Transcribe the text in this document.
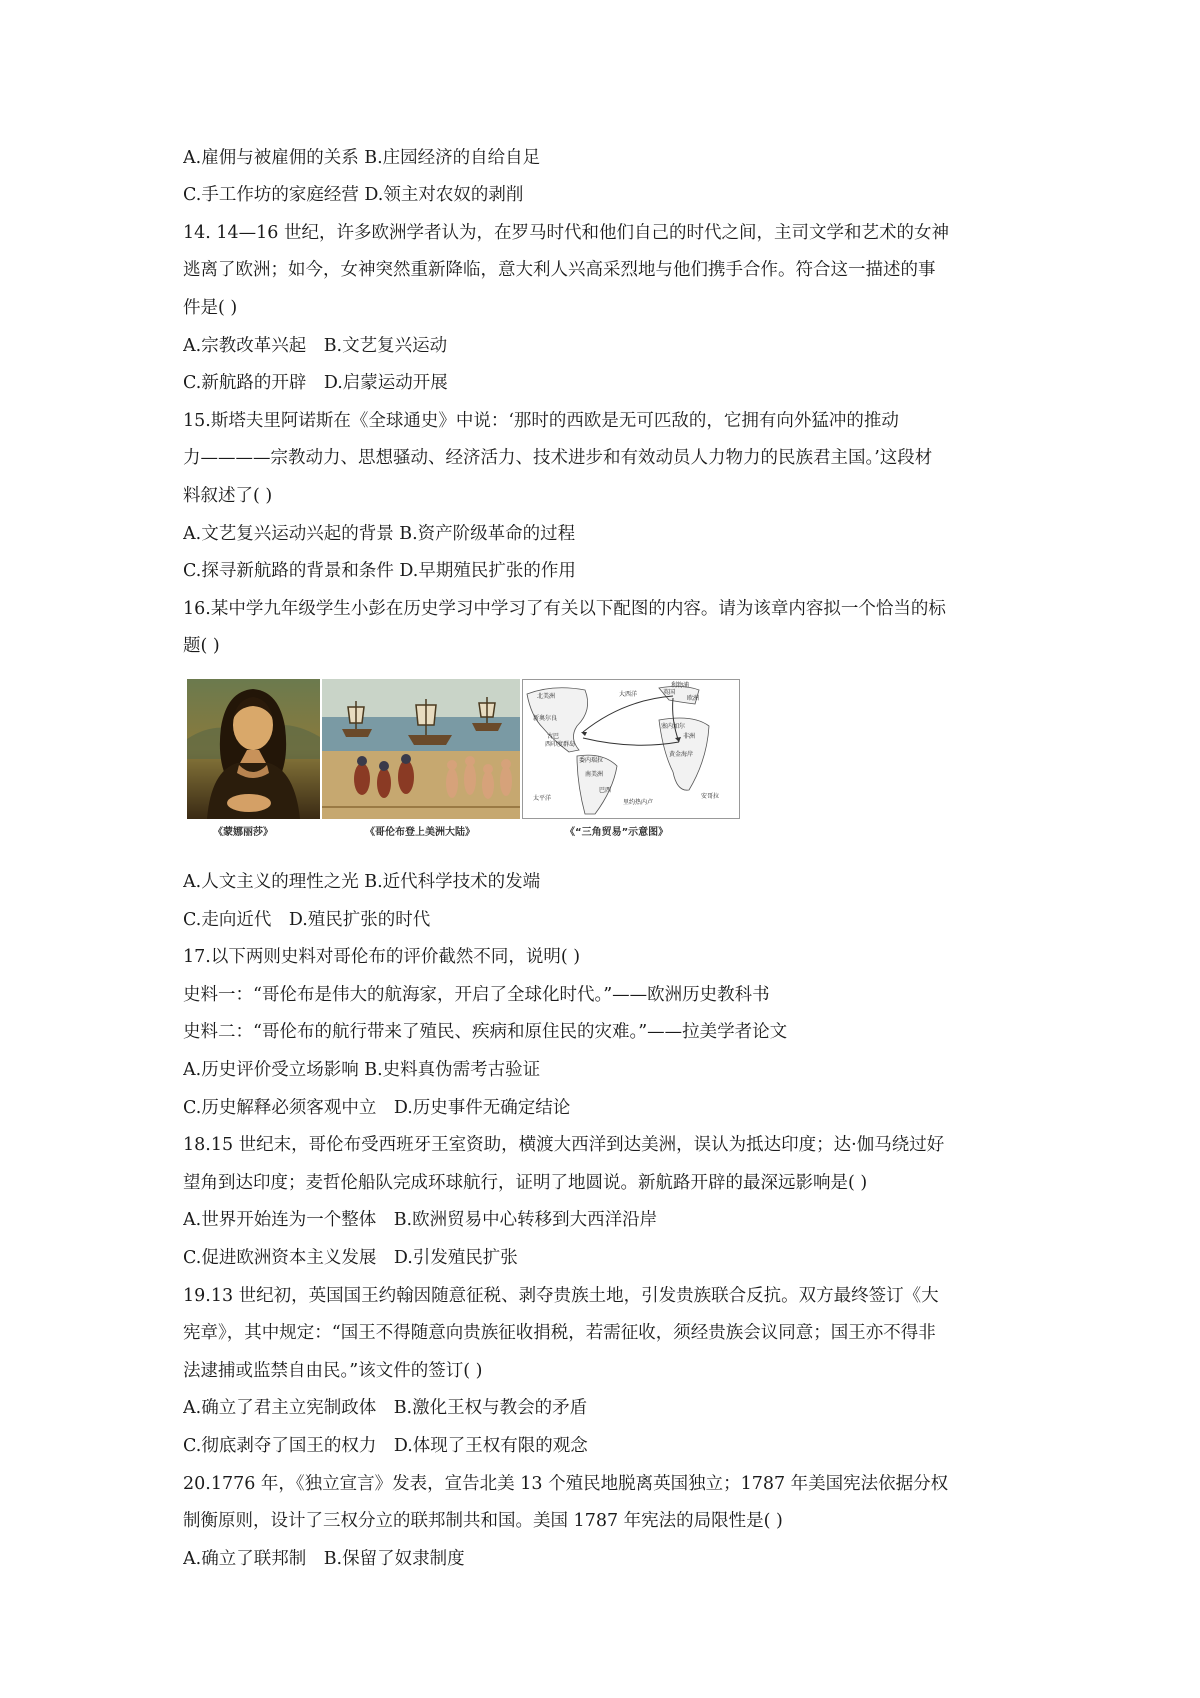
A.雇佣与被雇佣的关系 B.庄园经济的自给自足
C.手工作坊的家庭经营 D.领主对农奴的剥削
14. 14—16 世纪，许多欧洲学者认为，在罗马时代和他们自己的时代之间，主司文学和艺术的女神
逃离了欧洲；如今，女神突然重新降临，意大利人兴高采烈地与他们携手合作。符合这一描述的事
件是( )
A.宗教改革兴起　B.文艺复兴运动
C.新航路的开辟　D.启蒙运动开展
15.斯塔夫里阿诺斯在《全球通史》中说：‘那时的西欧是无可匹敌的，它拥有向外猛冲的推动
力————宗教动力、思想骚动、经济活力、技术进步和有效动员人力物力的民族君主国。’这段材
料叙述了( )
A.文艺复兴运动兴起的背景 B.资产阶级革命的过程
C.探寻新航路的背景和条件 D.早期殖民扩张的作用
16.某中学九年级学生小彭在历史学习中学习了有关以下配图的内容。请为该章内容拟一个恰当的标
题( )
北美洲	大西洋
利物浦
英国
欧洲
新奥尔良
古巴
西印度群岛
非洲
南美洲
巴西
安哥拉
塞内加尔
黄金海岸
委内瑞拉
太平洋
里约热内卢
《蒙娜丽莎》	《哥伦布登上美洲大陆》	《“三角贸易”示意图》
A.人文主义的理性之光 B.近代科学技术的发端
C.走向近代　D.殖民扩张的时代
17.以下两则史料对哥伦布的评价截然不同，说明( )
史料一：“哥伦布是伟大的航海家，开启了全球化时代。”——欧洲历史教科书
史料二：“哥伦布的航行带来了殖民、疾病和原住民的灾难。”——拉美学者论文
A.历史评价受立场影响 B.史料真伪需考古验证
C.历史解释必须客观中立　D.历史事件无确定结论
18.15 世纪末，哥伦布受西班牙王室资助，横渡大西洋到达美洲，误认为抵达印度；达·伽马绕过好
望角到达印度；麦哲伦船队完成环球航行，证明了地圆说。新航路开辟的最深远影响是( )
A.世界开始连为一个整体　B.欧洲贸易中心转移到大西洋沿岸
C.促进欧洲资本主义发展　D.引发殖民扩张
19.13 世纪初，英国国王约翰因随意征税、剥夺贵族土地，引发贵族联合反抗。双方最终签订《大
宪章》，其中规定：“国王不得随意向贵族征收捐税，若需征收，须经贵族会议同意；国王亦不得非
法逮捕或监禁自由民。”该文件的签订( )
A.确立了君主立宪制政体　B.激化王权与教会的矛盾
C.彻底剥夺了国王的权力　D.体现了王权有限的观念
20.1776 年，《独立宣言》发表，宣告北美 13 个殖民地脱离英国独立；1787 年美国宪法依据分权
制衡原则，设计了三权分立的联邦制共和国。美国 1787 年宪法的局限性是( )
A.确立了联邦制　B.保留了奴隶制度
